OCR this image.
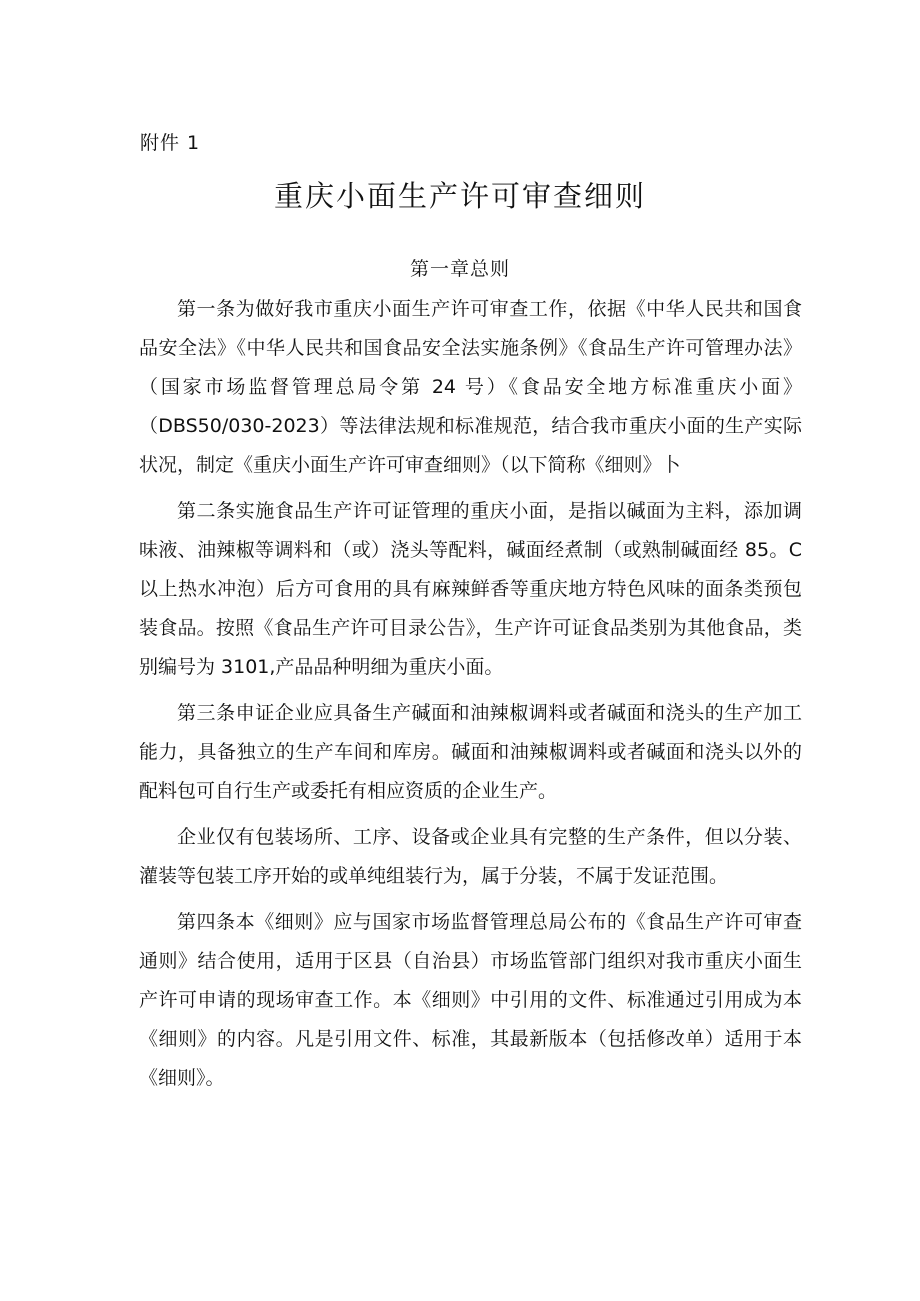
附件 1
重庆小面生产许可审查细则
第一章总则

第一条为做好我市重庆小面生产许可审查工作，依据《中华人民共和国食品安全法》《中华人民共和国食品安全法实施条例》《食品生产许可管理办法》（国家市场监督管理总局令第 24 号）《食品安全地方标准重庆小面》（DBS50/030-2023）等法律法规和标准规范，结合我市重庆小面的生产实际状况，制定《重庆小面生产许可审查细则》（以下简称《细则》卜

第二条实施食品生产许可证管理的重庆小面，是指以碱面为主料，添加调味液、油辣椒等调料和（或）浇头等配料，碱面经煮制（或熟制碱面经 85。C 以上热水冲泡）后方可食用的具有麻辣鲜香等重庆地方特色风味的面条类预包装食品。按照《食品生产许可目录公告》，生产许可证食品类别为其他食品，类别编号为 3101,产品品种明细为重庆小面。

第三条申证企业应具备生产碱面和油辣椒调料或者碱面和浇头的生产加工能力，具备独立的生产车间和库房。碱面和油辣椒调料或者碱面和浇头以外的配料包可自行生产或委托有相应资质的企业生产。

企业仅有包装场所、工序、设备或企业具有完整的生产条件，但以分装、灌装等包装工序开始的或单纯组装行为，属于分装，不属于发证范围。

第四条本《细则》应与国家市场监督管理总局公布的《食品生产许可审查通则》结合使用，适用于区县（自治县）市场监管部门组织对我市重庆小面生产许可申请的现场审查工作。本《细则》中引用的文件、标准通过引用成为本《细则》的内容。凡是引用文件、标准，其最新版本（包括修改单）适用于本《细则》。
